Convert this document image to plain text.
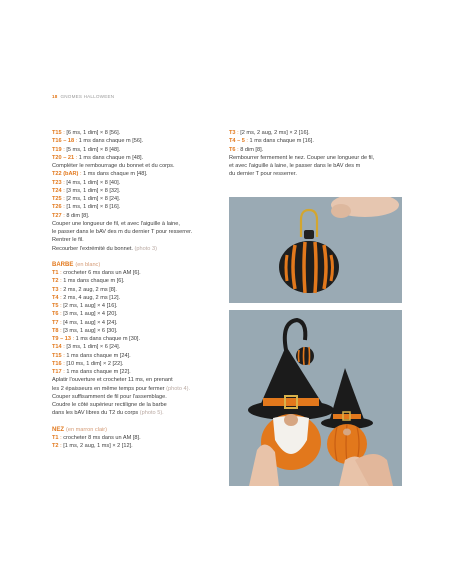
18 GNOMES HALLOWEEN
T15 : [6 ms, 1 dim] × 8 [56].
T16 – 18 : 1 ms dans chaque m [56].
T19 : [5 ms, 1 dim] × 8 [48].
T20 – 21 : 1 ms dans chaque m [48].
Compléter le rembourrage du bonnet et du corps.
T22 (bAR) : 1 ms dans chaque m [48].
T23 : [4 ms, 1 dim] × 8 [40].
T24 : [3 ms, 1 dim] × 8 [32].
T25 : [2 ms, 1 dim] × 8 [24].
T26 : [1 ms, 1 dim] × 8 [16].
T27 : 8 dim [8].
Couper une longueur de fil, et avec l'aiguille à laine,
le passer dans le bAV des m du dernier T pour resserrer.
Rentrer le fil.
Recourber l'extrémité du bonnet. (photo 3)
BARBE (en blanc)
T1 : crocheter 6 ms dans un AM [6].
T2 : 1 ms dans chaque m [6].
T3 : 2 ms, 2 aug, 2 ms [8].
T4 : 2 ms, 4 aug, 2 ms [12].
T5 : [2 ms, 1 aug] × 4 [16].
T6 : [3 ms, 1 aug] × 4 [20].
T7 : [4 ms, 1 aug] × 4 [24].
T8 : [3 ms, 1 aug] × 6 [30].
T9 – 13 : 1 ms dans chaque m [30].
T14 : [3 ms, 1 dim] × 6 [24].
T15 : 1 ms dans chaque m [24].
T16 : [10 ms, 1 dim] × 2 [22].
T17 : 1 ms dans chaque m [22].
Aplatir l'ouverture et crocheter 11 ms, en prenant
les 2 épaisseurs en même temps pour fermer (photo 4).
Couper suffisamment de fil pour l'assemblage.
Coudre le côté supérieur rectiligne de la barbe
dans les bAV libres du T2 du corps (photo 5).
NEZ (en marron clair)
T1 : crocheter 8 ms dans un AM [8].
T2 : [1 ms, 2 aug, 1 ms] × 2 [12].
T3 : [2 ms, 2 aug, 2 ms] × 2 [16].
T4 – 5 : 1 ms dans chaque m [16].
T6 : 8 dim [8].
Rembourrer fermement le nez. Couper une longueur de fil,
et avec l'aiguille à laine, le passer dans le bAV des m
du dernier T pour resserrer.
